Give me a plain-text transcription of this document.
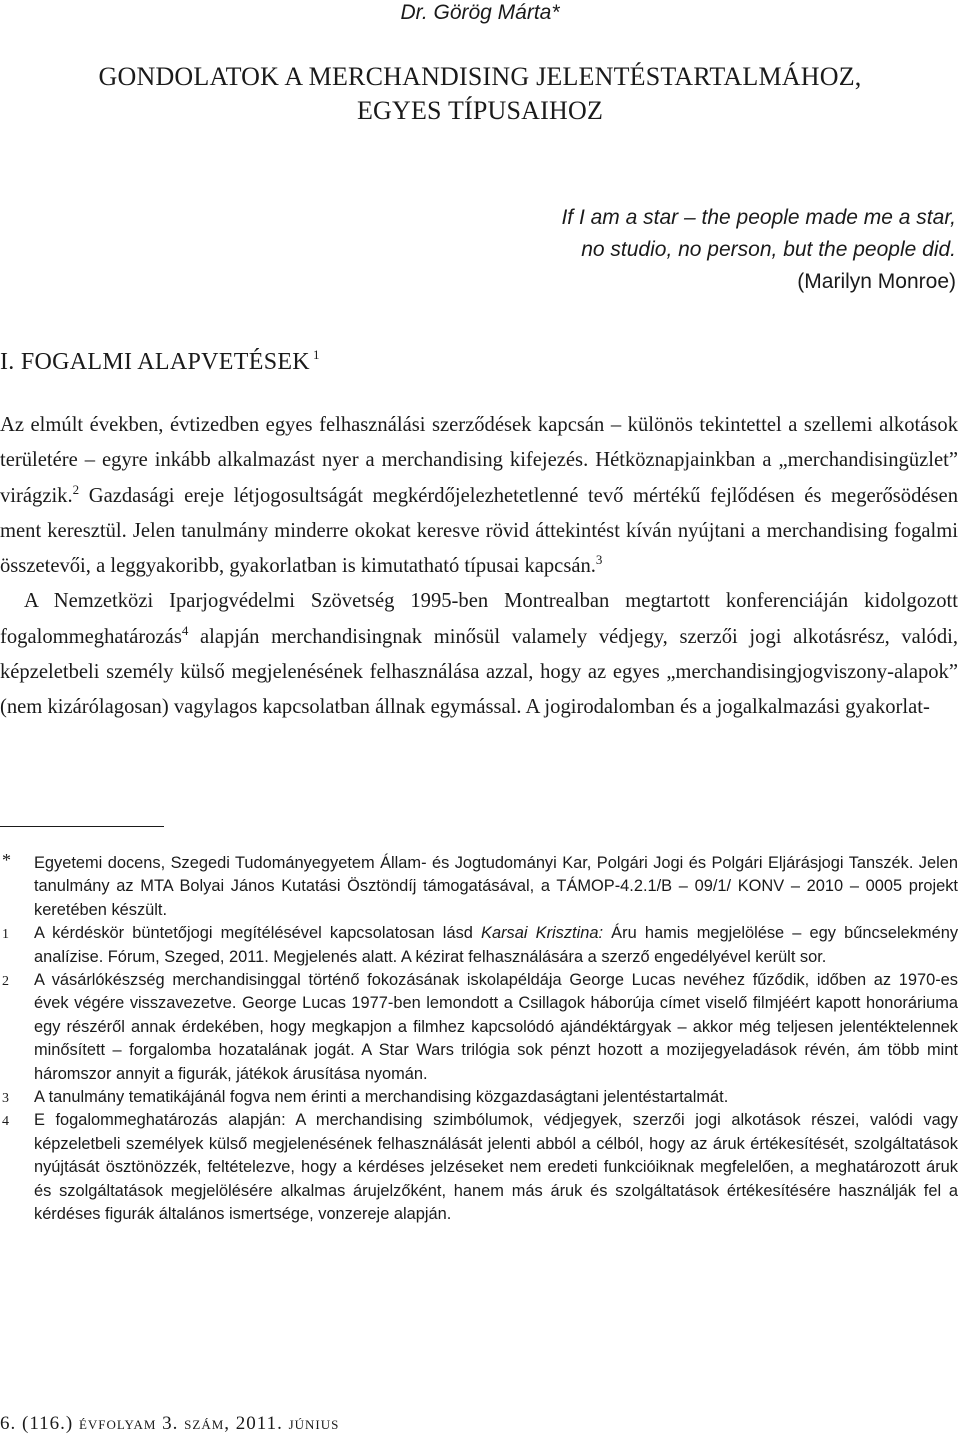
Dr. Görög Márta*
GONDOLATOK A MERCHANDISING JELENTÉSTARTALMÁHOZ,
EGYES TÍPUSAIHOZ
If I am a star – the people made me a star,
no studio, no person, but the people did.
(Marilyn Monroe)
I. FOGALMI ALAPVETÉSEK $^1$

Az elmúlt években, évtizedben egyes felhasználási szerződések kapcsán – különös tekintettel a szellemi alkotások területére – egyre inkább alkalmazást nyer a merchandising kifejezés. Hétköznapjainkban a „merchandisingüzlet” virágzik.$^2$ Gazdasági ereje létjogosultságát megkérdőjelezhetetlenné tevő mértékű fejlődésen és megerősödésen ment keresztül. Jelen tanulmány minderre okokat keresve rövid áttekintést kíván nyújtani a merchandising fogalmi összetevői, a leggyakoribb, gyakorlatban is kimutatható típusai kapcsán.$^3$

A Nemzetközi Iparjogvédelmi Szövetség 1995-ben Montrealban megtartott konferenciáján kidolgozott fogalommeghatározás$^4$ alapján merchandisingnak minősül valamely védjegy, szerzői jogi alkotásrész, valódi, képzeletbeli személy külső megjelenésének felhasználása azzal, hogy az egyes „merchandisingjogviszony-alapok” (nem kizárólagosan) vagylagos kapcsolatban állnak egymással. A jogirodalomban és a jogalkalmazási gyakorlat-

* Egyetemi docens, Szegedi Tudományegyetem Állam- és Jogtudományi Kar, Polgári Jogi és Polgári Eljárásjogi Tanszék. Jelen tanulmány az MTA Bolyai János Kutatási Ösztöndíj támogatásával, a TÁMOP-4.2.1/B – 09/1/ KONV – 2010 – 0005 projekt keretében készült.
1 A kérdéskör büntetőjogi megítélésével kapcsolatosan lásd Karsai Krisztina: Áru hamis megjelölése – egy bűncselekmény analízise. Fórum, Szeged, 2011. Megjelenés alatt. A kézirat felhasználására a szerző engedélyével került sor.
2 A vásárlókészség merchandisinggal történő fokozásának iskolapéldája George Lucas nevéhez fűződik, időben az 1970-es évek végére visszavezetve. George Lucas 1977-ben lemondott a Csillagok háborúja címet viselő filmjéért kapott honoráriuma egy részéről annak érdekében, hogy megkapjon a filmhez kapcsolódó ajándéktárgyak – akkor még teljesen jelentéktelennek minősített – forgalomba hozatalának jogát. A Star Wars trilógia sok pénzt hozott a mozijegyeladások révén, ám több mint háromszor annyit a figurák, játékok árusítása nyomán.
3 A tanulmány tematikájánál fogva nem érinti a merchandising közgazdaságtani jelentéstartalmát.
4 E fogalommeghatározás alapján: A merchandising szimbólumok, védjegyek, szerzői jogi alkotások részei, valódi vagy képzeletbeli személyek külső megjelenésének felhasználását jelenti abból a célból, hogy az áruk értékesítését, szolgáltatások nyújtását ösztönözzék, feltételezve, hogy a kérdéses jelzéseket nem eredeti funkcióiknak megfelelően, a meghatározott áruk és szolgáltatások megjelölésére alkalmas árujelzőként, hanem más áruk és szolgáltatások értékesítésére használják fel a kérdéses figurák általános ismertsége, vonzereje alapján.
6. (116.) évfolyam 3. szám, 2011. június
